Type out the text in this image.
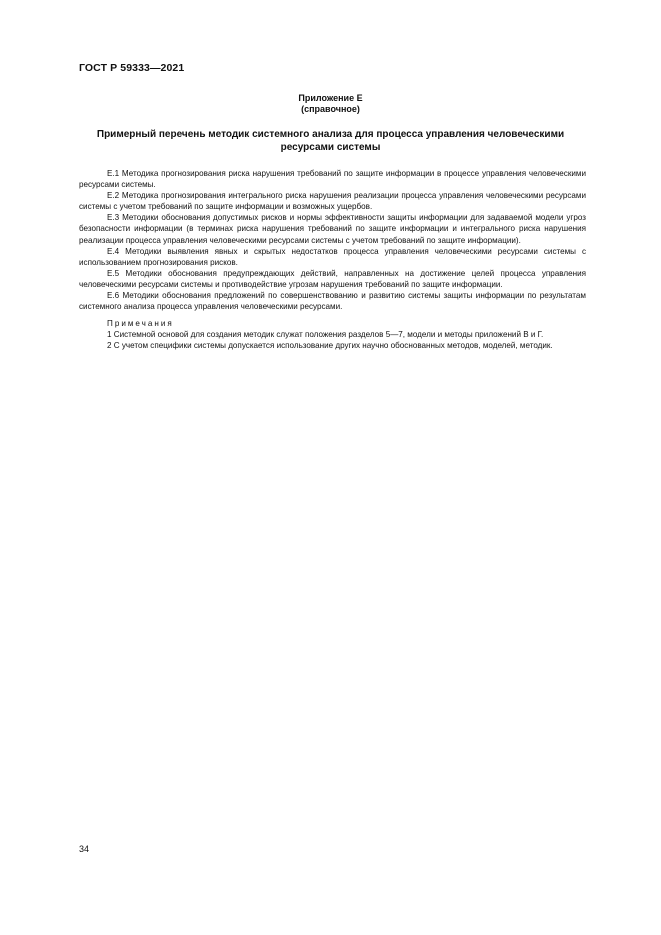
ГОСТ Р 59333—2021
Приложение Е
(справочное)
Примерный перечень методик системного анализа для процесса управления человеческими ресурсами системы

Е.1 Методика прогнозирования риска нарушения требований по защите информации в процессе управления человеческими ресурсами системы.

Е.2 Методика прогнозирования интегрального риска нарушения реализации процесса управления человеческими ресурсами системы с учетом требований по защите информации и возможных ущербов.

Е.3 Методики обоснования допустимых рисков и нормы эффективности защиты информации для задаваемой модели угроз безопасности информации (в терминах риска нарушения требований по защите информации и интегрального риска нарушения реализации процесса управления человеческими ресурсами системы с учетом требований по защите информации).

Е.4 Методики выявления явных и скрытых недостатков процесса управления человеческими ресурсами системы с использованием прогнозирования рисков.

Е.5 Методики обоснования предупреждающих действий, направленных на достижение целей процесса управления человеческими ресурсами системы и противодействие угрозам нарушения требований по защите информации.

Е.6 Методики обоснования предложений по совершенствованию и развитию системы защиты информации по результатам системного анализа процесса управления человеческими ресурсами.

Примечания

1 Системной основой для создания методик служат положения разделов 5—7, модели и методы приложений В и Г.

2 С учетом специфики системы допускается использование других научно обоснованных методов, моделей, методик.

34
